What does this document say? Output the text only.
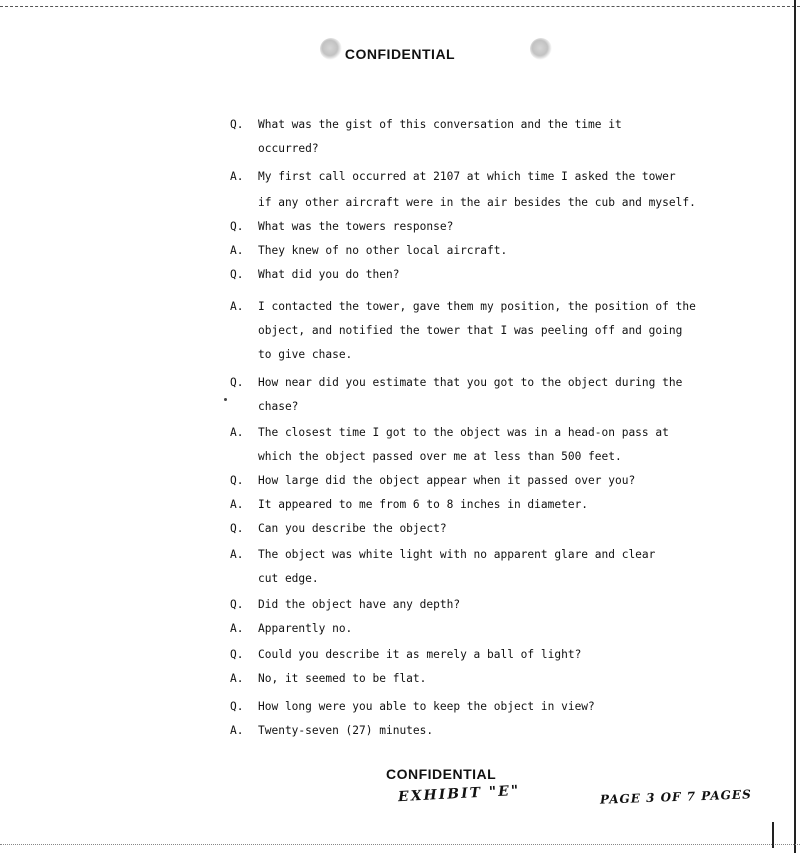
CONFIDENTIAL
Q. What was the gist of this conversation and the time it
occurred?
A. My first call occurred at 2107 at which time I asked the tower
if any other aircraft were in the air besides the cub and myself.
Q. What was the towers response?
A. They knew of no other local aircraft.
Q. What did you do then?
A. I contacted the tower, gave them my position, the position of the
object, and notified the tower that I was peeling off and going
to give chase.
Q. How near did you estimate that you got to the object during the
chase?
A. The closest time I got to the object was in a head-on pass at
which the object passed over me at less than 500 feet.
Q. How large did the object appear when it passed over you?
A. It appeared to me from 6 to 8 inches in diameter.
Q. Can you describe the object?
A. The object was white light with no apparent glare and clear
cut edge.
Q. Did the object have any depth?
A. Apparently no.
Q. Could you describe it as merely a ball of light?
A. No, it seemed to be flat.
Q. How long were you able to keep the object in view?
A. Twenty-seven (27) minutes.
CONFIDENTIAL
EXHIBIT "E"	PAGE 3 OF 7 PAGES
